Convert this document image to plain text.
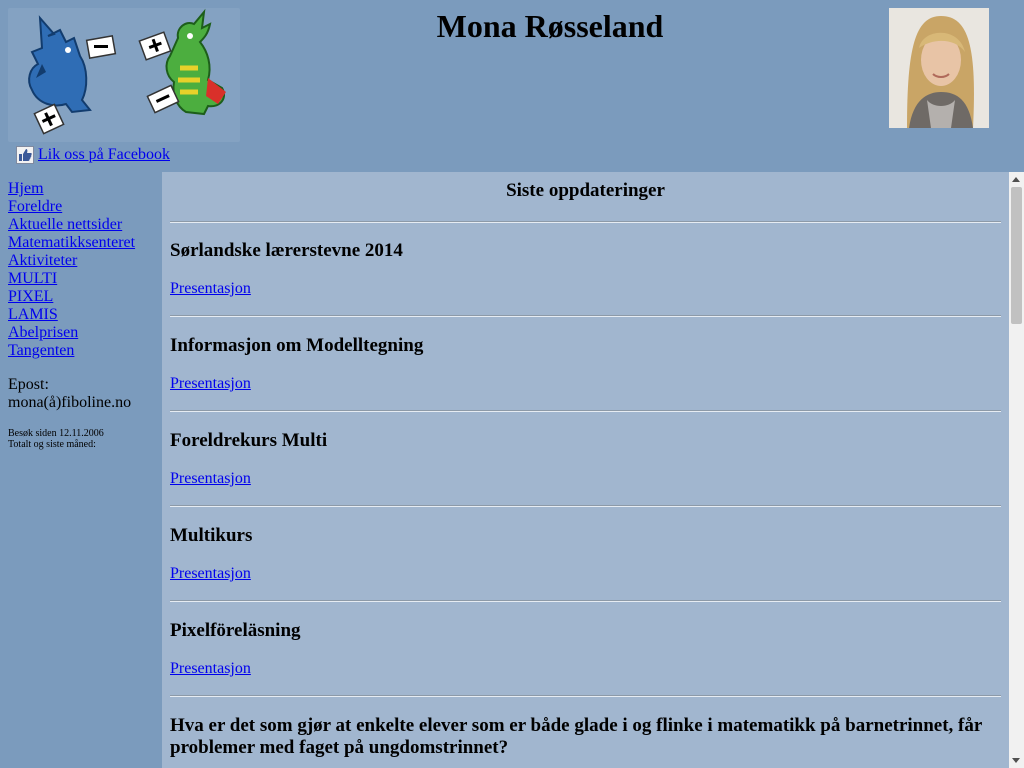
Mona Røsseland
Lik oss på Facebook
Hjem
Foreldre
Aktuelle nettsider
Matematikksenteret
Aktiviteter
MULTI
PIXEL
LAMIS
Abelprisen
Tangenten
Epost:
mona(å)fiboline.no
Besøk siden 12.11.2006
Totalt og siste måned:
Siste oppdateringer
Sørlandske lærerstevne 2014
Presentasjon
Informasjon om Modelltegning
Presentasjon
Foreldrekurs Multi
Presentasjon
Multikurs
Presentasjon
Pixelföreläsning
Presentasjon
Hva er det som gjør at enkelte elever som er både glade i og flinke i matematikk på barnetrinnet, får problemer med faget på ungdomstrinnet?
